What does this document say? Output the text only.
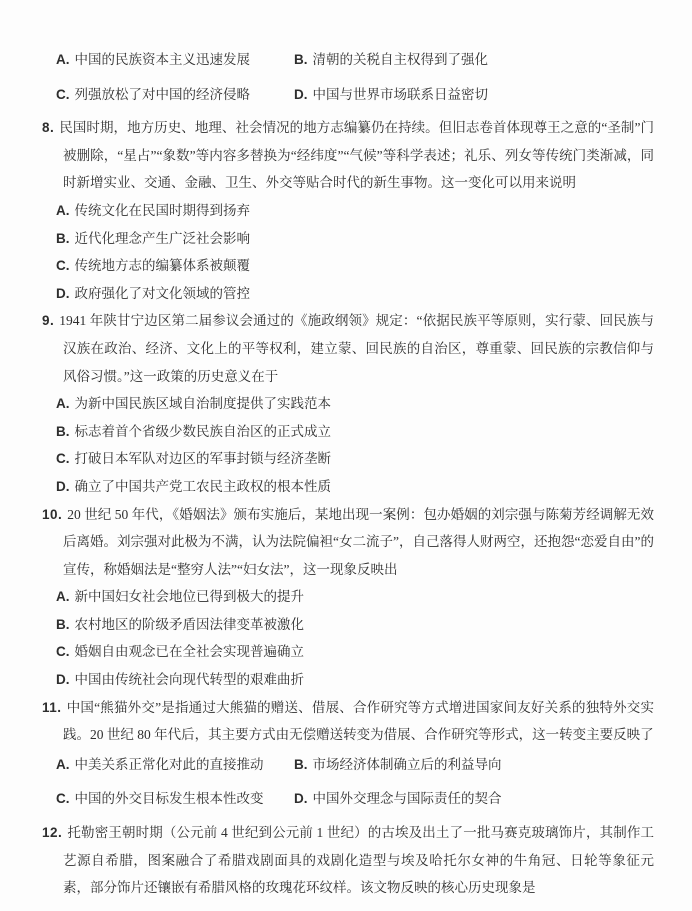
A. 中国的民族资本主义迅速发展	B. 清朝的关税自主权得到了强化
C. 列强放松了对中国的经济侵略	D. 中国与世界市场联系日益密切

8. 民国时期，地方历史、地理、社会情况的地方志编纂仍在持续。但旧志卷首体现尊王之意的“圣制”门被删除，“星占”“象数”等内容多替换为“经纬度”“气候”等科学表述；礼乐、列女等传统门类渐减，同时新增实业、交通、金融、卫生、外交等贴合时代的新生事物。这一变化可以用来说明

A. 传统文化在民国时期得到扬弃
B. 近代化理念产生广泛社会影响
C. 传统地方志的编纂体系被颠覆
D. 政府强化了对文化领域的管控

9. 1941 年陕甘宁边区第二届参议会通过的《施政纲领》规定：“依据民族平等原则，实行蒙、回民族与汉族在政治、经济、文化上的平等权利，建立蒙、回民族的自治区，尊重蒙、回民族的宗教信仰与风俗习惯。”这一政策的历史意义在于

A. 为新中国民族区域自治制度提供了实践范本
B. 标志着首个省级少数民族自治区的正式成立
C. 打破日本军队对边区的军事封锁与经济垄断
D. 确立了中国共产党工农民主政权的根本性质

10. 20 世纪 50 年代，《婚姻法》颁布实施后，某地出现一案例：包办婚姻的刘宗强与陈菊芳经调解无效后离婚。刘宗强对此极为不满，认为法院偏袒“女二流子”，自己落得人财两空，还抱怨“恋爱自由”的宣传，称婚姻法是“整穷人法”“妇女法”，这一现象反映出

A. 新中国妇女社会地位已得到极大的提升
B. 农村地区的阶级矛盾因法律变革被激化
C. 婚姻自由观念已在全社会实现普遍确立
D. 中国由传统社会向现代转型的艰难曲折

11. 中国“熊猫外交”是指通过大熊猫的赠送、借展、合作研究等方式增进国家间友好关系的独特外交实践。20 世纪 80 年代后，其主要方式由无偿赠送转变为借展、合作研究等形式，这一转变主要反映了

A. 中美关系正常化对此的直接推动	B. 市场经济体制确立后的利益导向
C. 中国的外交目标发生根本性改变	D. 中国外交理念与国际责任的契合

12. 托勒密王朝时期（公元前 4 世纪到公元前 1 世纪）的古埃及出土了一批马赛克玻璃饰片，其制作工艺源自希腊，图案融合了希腊戏剧面具的戏剧化造型与埃及哈托尔女神的牛角冠、日轮等象征元素，部分饰片还镶嵌有希腊风格的玫瑰花环纹样。该文物反映的核心历史现象是
